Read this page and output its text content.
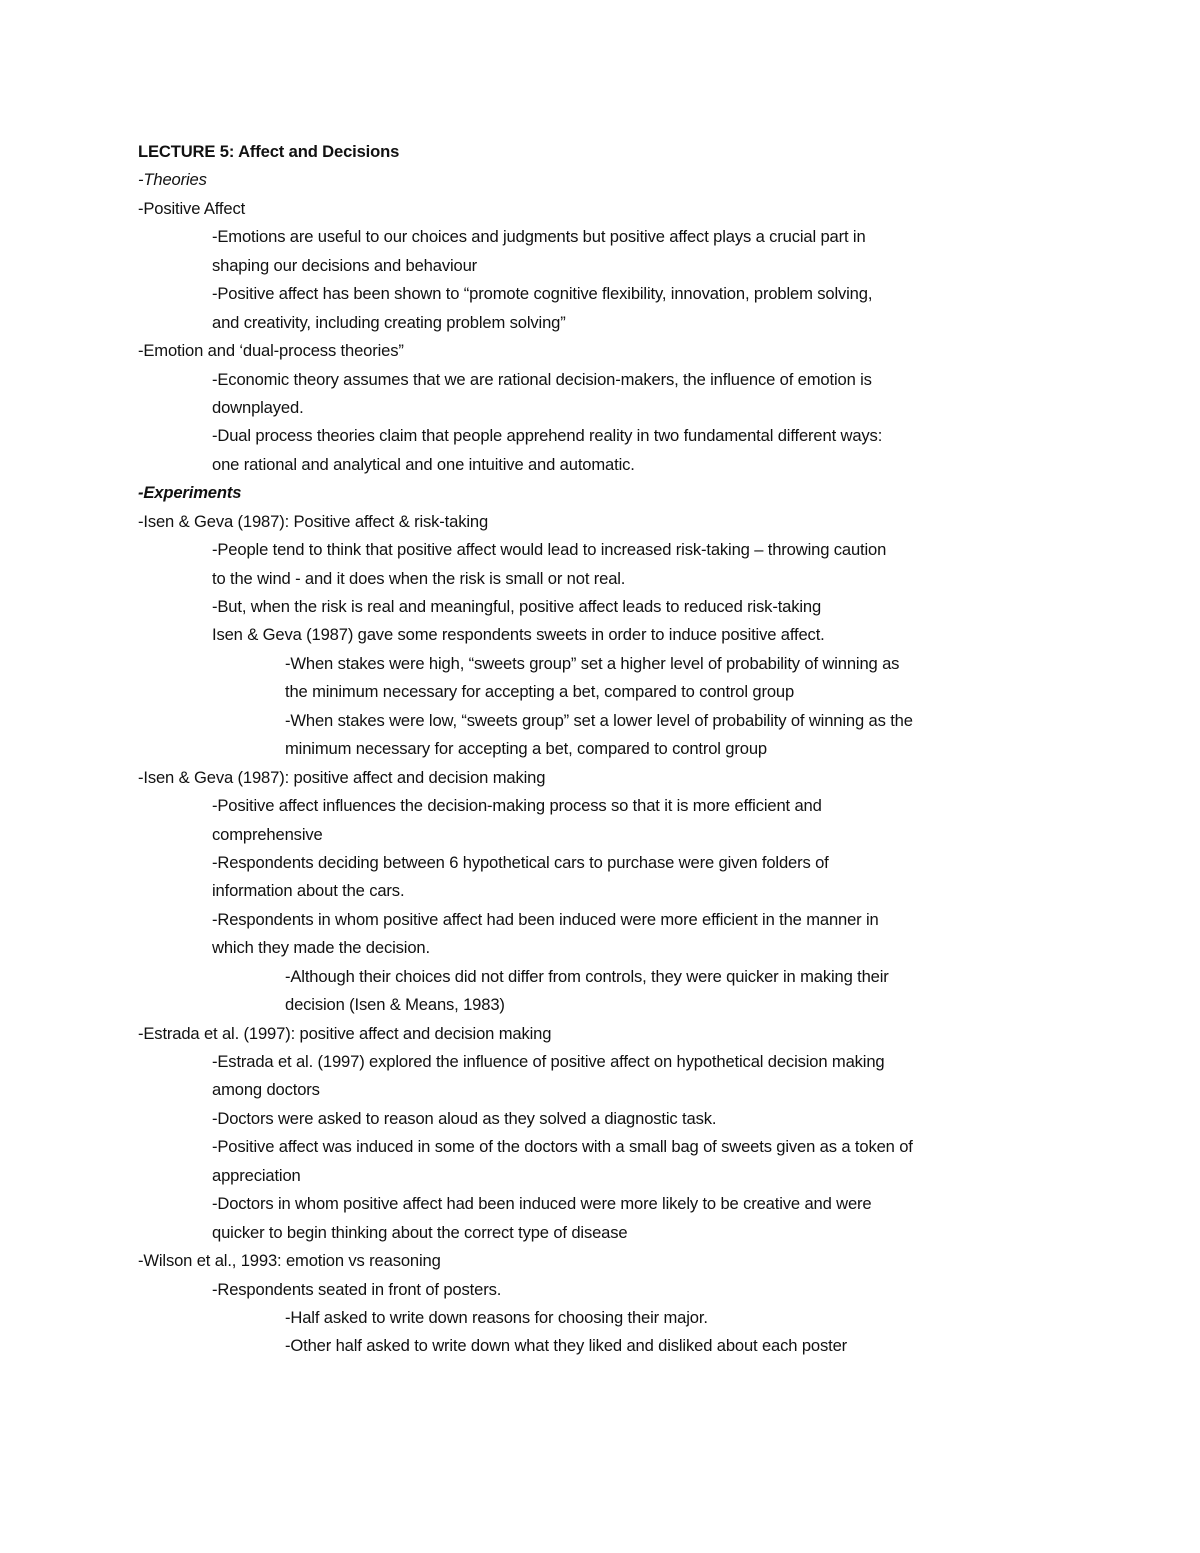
LECTURE 5: Affect and Decisions
-Theories
-Positive Affect
-Emotions are useful to our choices and judgments but positive affect plays a crucial part in
shaping our decisions and behaviour
-Positive affect has been shown to “promote cognitive flexibility, innovation, problem solving,
and creativity, including creating problem solving”
-Emotion and ‘dual-process theories”
-Economic theory assumes that we are rational decision-makers, the influence of emotion is
downplayed.
-Dual process theories claim that people apprehend reality in two fundamental different ways:
one rational and analytical and one intuitive and automatic.
-Experiments
-Isen & Geva (1987): Positive affect & risk-taking
-People tend to think that positive affect would lead to increased risk-taking – throwing caution
to the wind - and it does when the risk is small or not real.
-But, when the risk is real and meaningful, positive affect leads to reduced risk-taking
Isen & Geva (1987) gave some respondents sweets in order to induce positive affect.
-When stakes were high, “sweets group” set a higher level of probability of winning as
the minimum necessary for accepting a bet, compared to control group
-When stakes were low, “sweets group” set a lower level of probability of winning as the
minimum necessary for accepting a bet, compared to control group
-Isen & Geva (1987): positive affect and decision making
-Positive affect influences the decision-making process so that it is more efficient and
comprehensive
-Respondents deciding between 6 hypothetical cars to purchase were given folders of
information about the cars.
-Respondents in whom positive affect had been induced were more efficient in the manner in
which they made the decision.
-Although their choices did not differ from controls, they were quicker in making their
decision (Isen & Means, 1983)
-Estrada et al. (1997): positive affect and decision making
-Estrada et al. (1997) explored the influence of positive affect on hypothetical decision making
among doctors
-Doctors were asked to reason aloud as they solved a diagnostic task.
-Positive affect was induced in some of the doctors with a small bag of sweets given as a token of
appreciation
-Doctors in whom positive affect had been induced were more likely to be creative and were
quicker to begin thinking about the correct type of disease
-Wilson et al., 1993: emotion vs reasoning
-Respondents seated in front of posters.
-Half asked to write down reasons for choosing their major.
-Other half asked to write down what they liked and disliked about each poster
